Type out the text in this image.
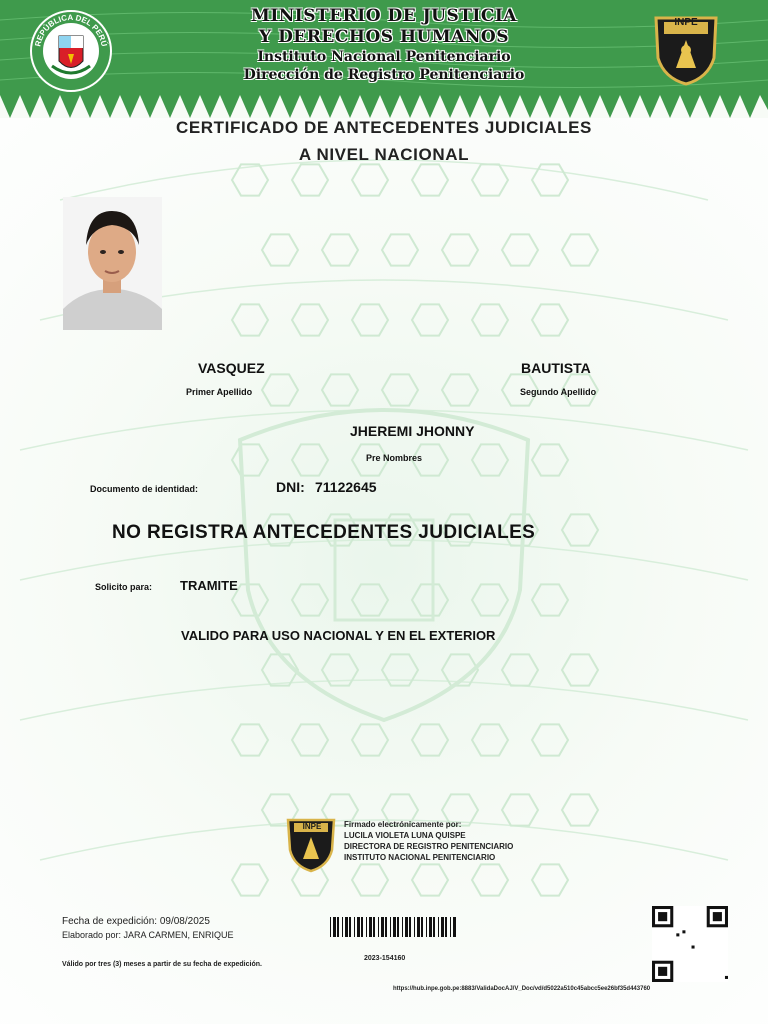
REPÚBLICA DEL PERÚ
MINISTERIO DE JUSTICIA
Y DERECHOS HUMANOS
Instituto Nacional Penitenciario
Dirección de Registro Penitenciario
INPE
CERTIFICADO DE ANTECEDENTES JUDICIALES
A NIVEL NACIONAL
VASQUEZ
Primer Apellido
BAUTISTA
Segundo Apellido
JHEREMI JHONNY
Pre Nombres
Documento de identidad:	DNI: 71122645
NO REGISTRA ANTECEDENTES JUDICIALES
Solicito para: TRAMITE
VALIDO PARA USO NACIONAL Y EN EL EXTERIOR
INPE	Firmado electrónicamente por:
LUCILA VIOLETA LUNA QUISPE
DIRECTORA DE REGISTRO PENITENCIARIO
INSTITUTO NACIONAL PENITENCIARIO
Fecha de expedición: 09/08/2025
Elaborado por: JARA CARMEN, ENRIQUE
Válido por tres (3) meses a partir de su fecha de expedición.
2023-154160
https://hub.inpe.gob.pe:8883/ValidaDocAJ/V_Doc/vd/d5022a510c45abcc5ee26bf35d443760
